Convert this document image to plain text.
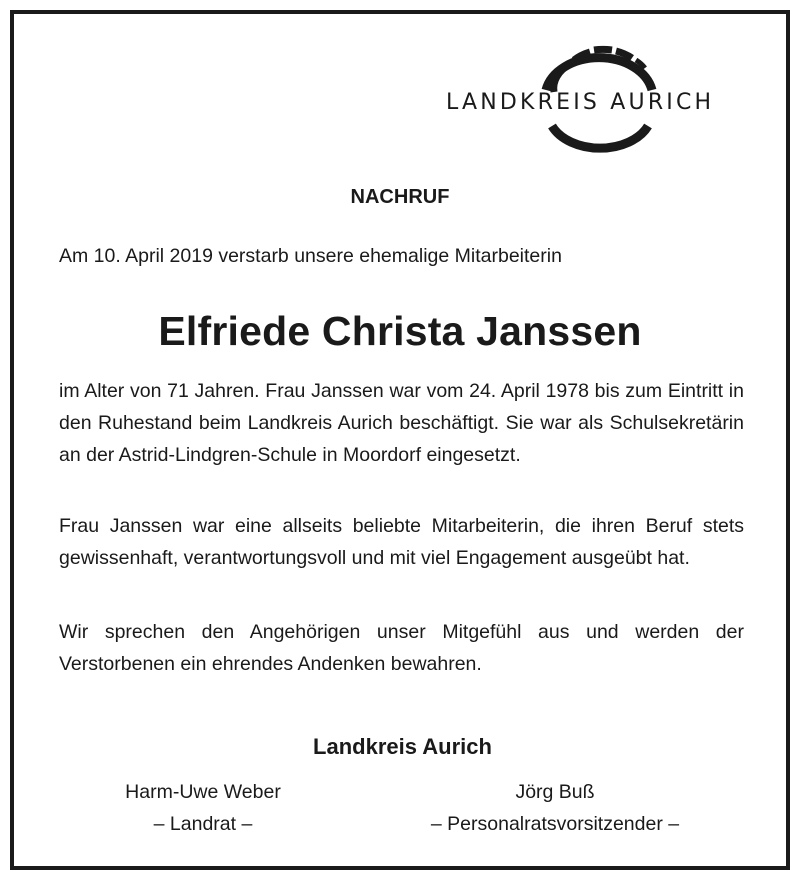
LANDKREIS AURICH
NACHRUF
Am 10. April 2019 verstarb unsere ehemalige Mitarbeiterin
Elfriede Christa Janssen

im Alter von 71 Jahren. Frau Janssen war vom 24. April 1978 bis zum Eintritt in den Ruhestand beim Landkreis Aurich beschäftigt. Sie war als Schulsekretärin an der Astrid-Lindgren-Schule in Moordorf eingesetzt.

Frau Janssen war eine allseits beliebte Mitarbeiterin, die ihren Beruf stets gewissenhaft, verantwortungsvoll und mit viel Engagement ausgeübt hat.

Wir sprechen den Angehörigen unser Mitgefühl aus und werden der Verstorbenen ein ehrendes Andenken bewahren.

Landkreis Aurich
Harm-Uwe Weber
– Landrat –
Jörg Buß
– Personalratsvorsitzender –
